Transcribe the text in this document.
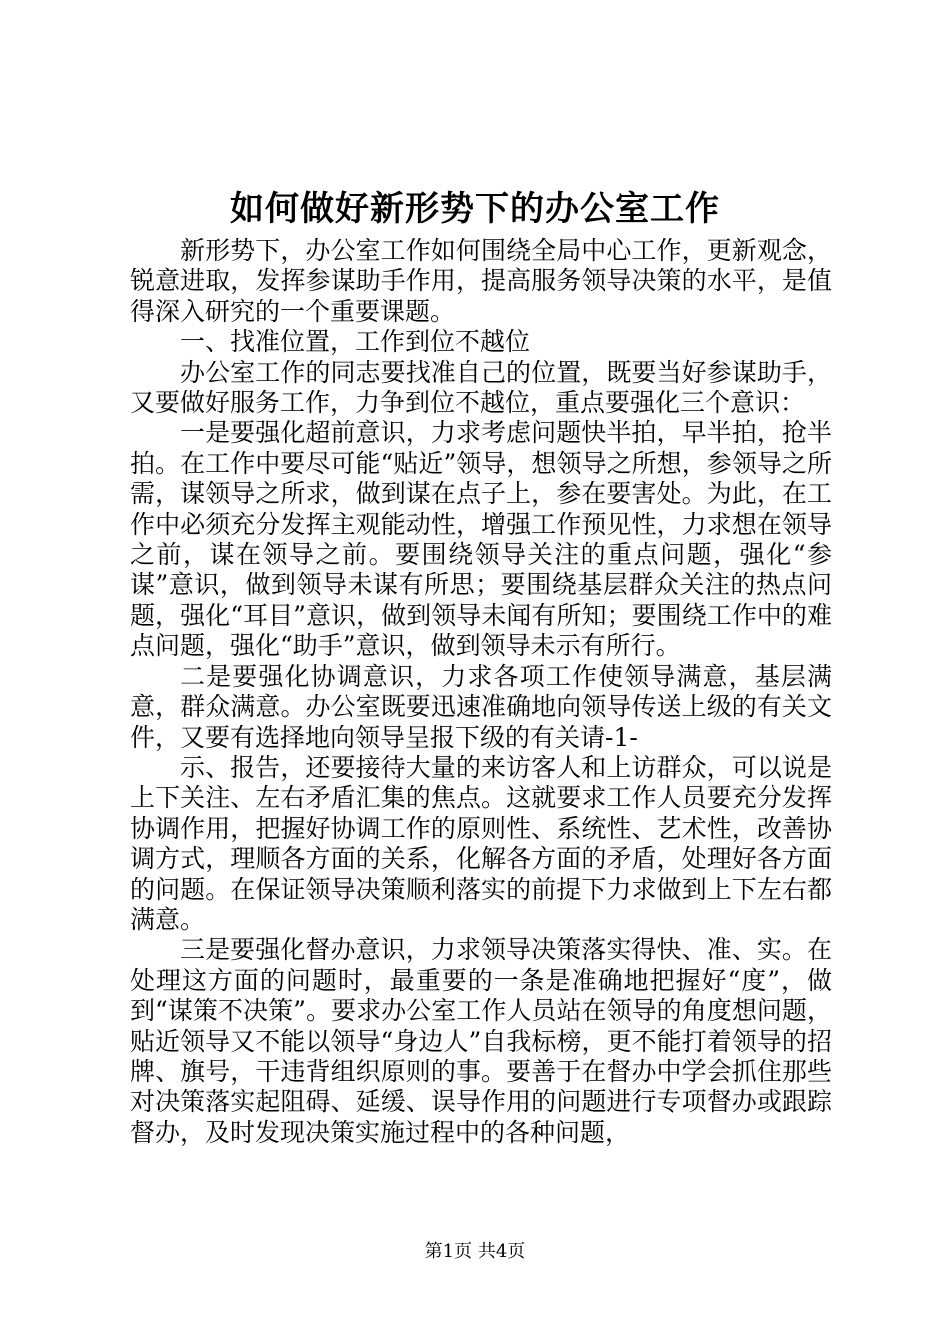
如何做好新形势下的办公室工作

新形势下，办公室工作如何围绕全局中心工作，更新观念，锐意进取，发挥参谋助手作用，提高服务领导决策的水平，是值得深入研究的一个重要课题。

一、找准位置，工作到位不越位

办公室工作的同志要找准自己的位置，既要当好参谋助手，又要做好服务工作，力争到位不越位，重点要强化三个意识：

一是要强化超前意识，力求考虑问题快半拍，早半拍，抢半拍。在工作中要尽可能“贴近”领导，想领导之所想，参领导之所需，谋领导之所求，做到谋在点子上，参在要害处。为此，在工作中必须充分发挥主观能动性，增强工作预见性，力求想在领导之前，谋在领导之前。要围绕领导关注的重点问题，强化“参谋”意识，做到领导未谋有所思；要围绕基层群众关注的热点问题，强化“耳目”意识，做到领导未闻有所知；要围绕工作中的难点问题，强化“助手”意识，做到领导未示有所行。

二是要强化协调意识，力求各项工作使领导满意，基层满意，群众满意。办公室既要迅速准确地向领导传送上级的有关文件，又要有选择地向领导呈报下级的有关请-1-

示、报告，还要接待大量的来访客人和上访群众，可以说是上下关注、左右矛盾汇集的焦点。这就要求工作人员要充分发挥协调作用，把握好协调工作的原则性、系统性、艺术性，改善协调方式，理顺各方面的关系，化解各方面的矛盾，处理好各方面的问题。在保证领导决策顺利落实的前提下力求做到上下左右都满意。

三是要强化督办意识，力求领导决策落实得快、准、实。在处理这方面的问题时，最重要的一条是准确地把握好“度”，做到“谋策不决策”。要求办公室工作人员站在领导的角度想问题，贴近领导又不能以领导“身边人”自我标榜，更不能打着领导的招牌、旗号，干违背组织原则的事。要善于在督办中学会抓住那些对决策落实起阻碍、延缓、误导作用的问题进行专项督办或跟踪督办，及时发现决策实施过程中的各种问题，

第1页 共4页
